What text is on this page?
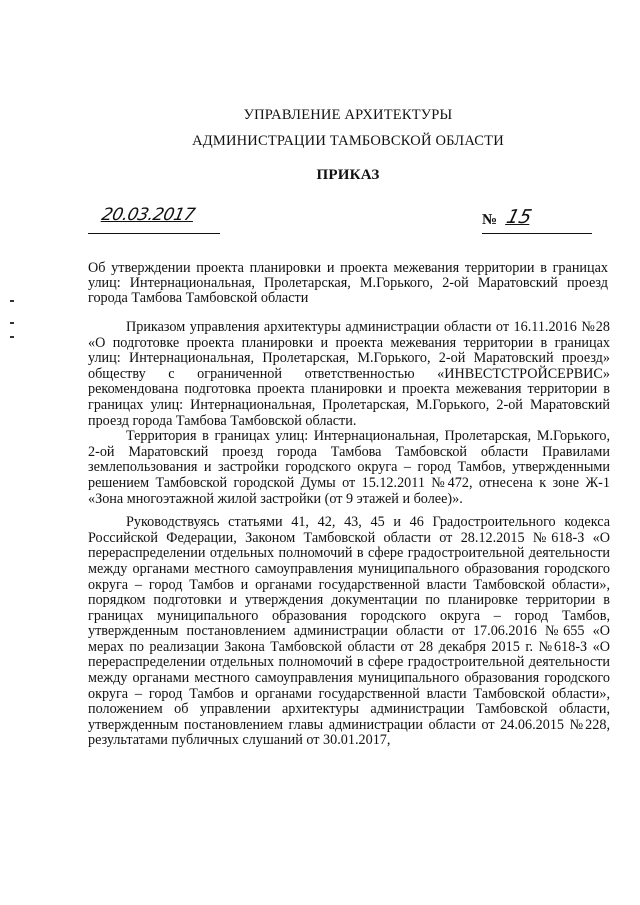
УПРАВЛЕНИЕ АРХИТЕКТУРЫ
АДМИНИСТРАЦИИ ТАМБОВСКОЙ ОБЛАСТИ
ПРИКАЗ
20.03.2017	№ 15
Об утверждении проекта планировки и проекта межевания территории в границах улиц: Интернациональная, Пролетарская, М.Горького, 2-ой Маратовский проезд города Тамбова Тамбовской области

Приказом управления архитектуры администрации области от 16.11.2016 №28 «О подготовке проекта планировки и проекта межевания территории в границах улиц: Интернациональная, Пролетарская, М.Горького, 2-ой Маратовский проезд» обществу с ограниченной ответственностью «ИНВЕСТСТРОЙСЕРВИС» рекомендована подготовка проекта планировки и проекта межевания территории в границах улиц: Интернациональная, Пролетарская, М.Горького, 2-ой Маратовский проезд города Тамбова Тамбовской области.

Территория в границах улиц: Интернациональная, Пролетарская, М.Горького, 2-ой Маратовский проезд города Тамбова Тамбовской области Правилами землепользования и застройки городского округа – город Тамбов, утвержденными решением Тамбовской городской Думы от 15.12.2011 №472, отнесена к зоне Ж-1 «Зона многоэтажной жилой застройки (от 9 этажей и более)».

Руководствуясь статьями 41, 42, 43, 45 и 46 Градостроительного кодекса Российской Федерации, Законом Тамбовской области от 28.12.2015 №618-З «О перераспределении отдельных полномочий в сфере градостроительной деятельности между органами местного самоуправления муниципального образования городского округа – город Тамбов и органами государственной власти Тамбовской области», порядком подготовки и утверждения документации по планировке территории в границах муниципального образования городского округа – город Тамбов, утвержденным постановлением администрации области от 17.06.2016 №655 «О мерах по реализации Закона Тамбовской области от 28 декабря 2015 г. №618-З «О перераспределении отдельных полномочий в сфере градостроительной деятельности между органами местного самоуправления муниципального образования городского округа – город Тамбов и органами государственной власти Тамбовской области», положением об управлении архитектуры администрации Тамбовской области, утвержденным постановлением главы администрации области от 24.06.2015 №228, результатами публичных слушаний от 30.01.2017,
